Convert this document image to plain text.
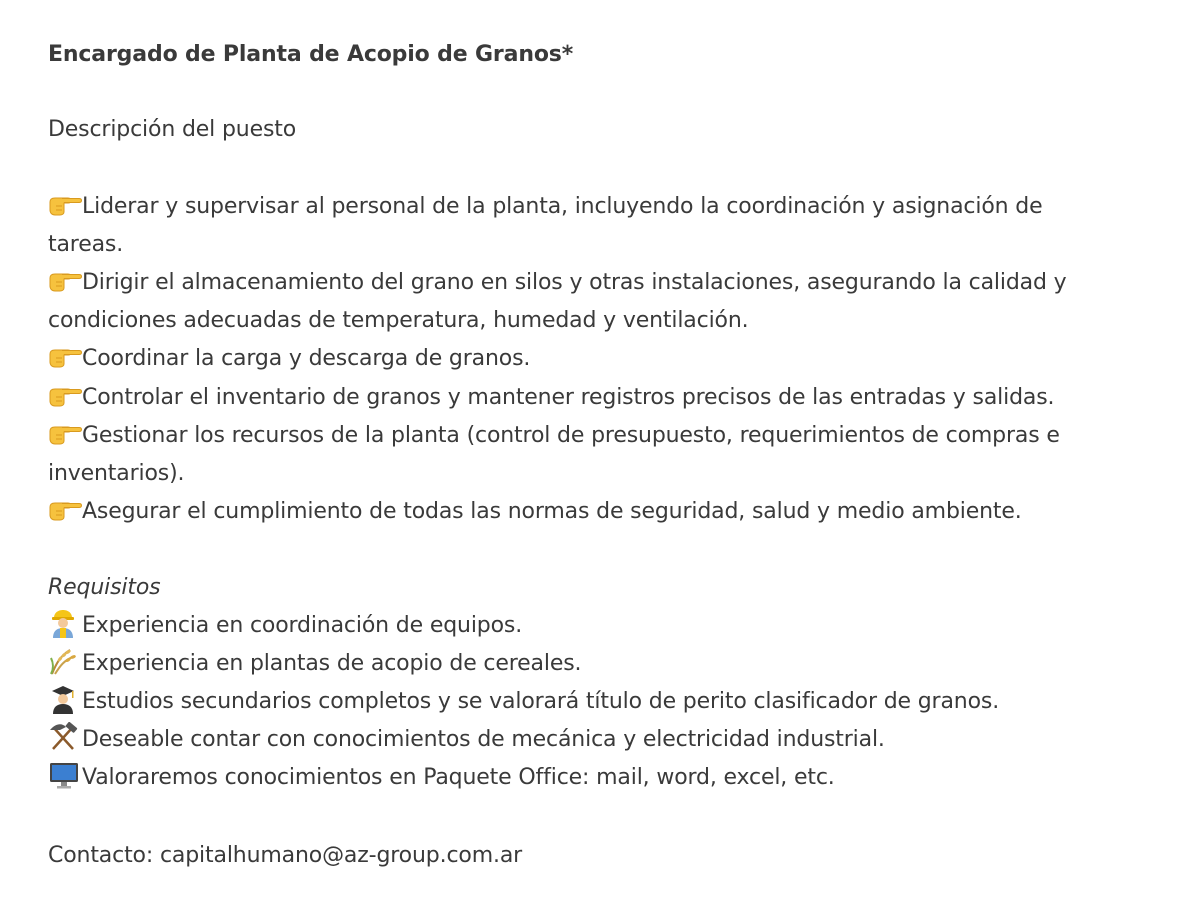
Encargado de Planta de Acopio de Granos*
Descripción del puesto
Liderar y supervisar al personal de la planta, incluyendo la coordinación y asignación de
tareas.
Dirigir el almacenamiento del grano en silos y otras instalaciones, asegurando la calidad y
condiciones adecuadas de temperatura, humedad y ventilación.
Coordinar la carga y descarga de granos.
Controlar el inventario de granos y mantener registros precisos de las entradas y salidas.
Gestionar los recursos de la planta (control de presupuesto, requerimientos de compras e
inventarios).
Asegurar el cumplimiento de todas las normas de seguridad, salud y medio ambiente.
Requisitos
Experiencia en coordinación de equipos.
Experiencia en plantas de acopio de cereales.
Estudios secundarios completos y se valorará título de perito clasificador de granos.
Deseable contar con conocimientos de mecánica y electricidad industrial.
Valoraremos conocimientos en Paquete Office: mail, word, excel, etc.
Contacto: capitalhumano@az-group.com.ar
